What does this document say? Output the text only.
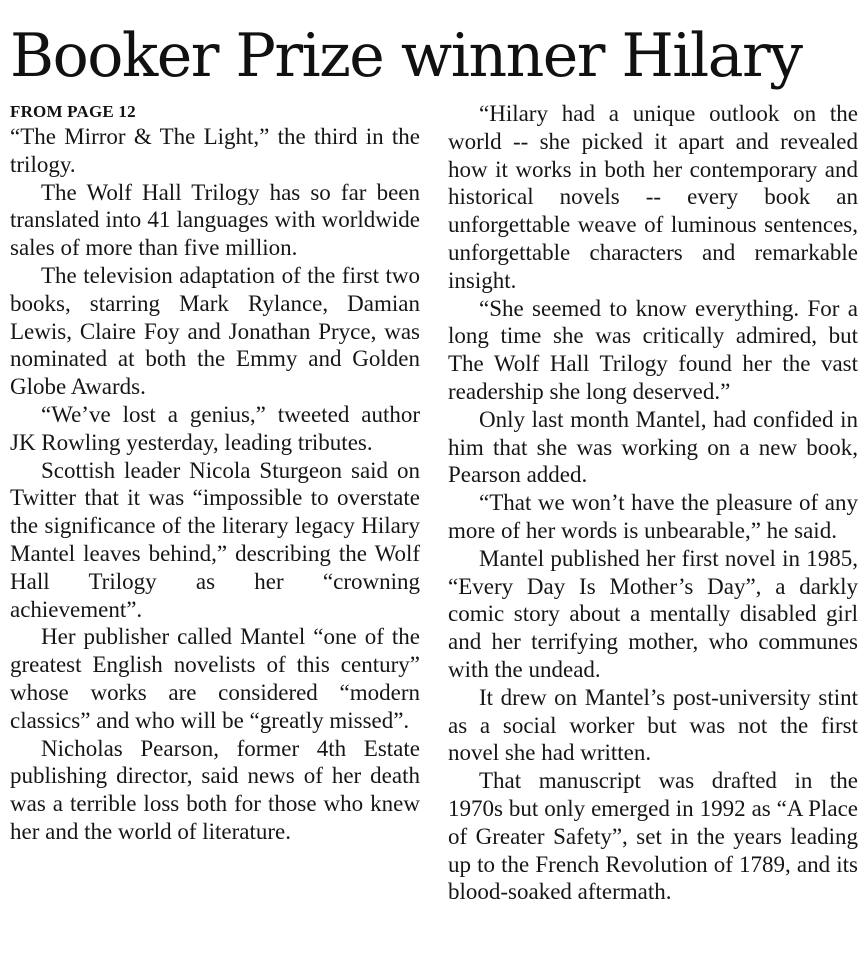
Booker Prize winner Hilary
FROM PAGE 12

“The Mirror & The Light,” the third in the trilogy.

The Wolf Hall Trilogy has so far been translated into 41 languages with worldwide sales of more than five million.

The television adaptation of the first two books, starring Mark Rylance, Damian Lewis, Claire Foy and Jonathan Pryce, was nominated at both the Emmy and Golden Globe Awards.

“We’ve lost a genius,” tweeted author JK Rowling yesterday, leading tributes.

Scottish leader Nicola Sturgeon said on Twitter that it was “impossible to overstate the significance of the literary legacy Hilary Mantel leaves behind,” describing the Wolf Hall Trilogy as her “crowning achievement”.

Her publisher called Mantel “one of the greatest English novelists of this century” whose works are considered “modern classics” and who will be “greatly missed”.

Nicholas Pearson, former 4th Estate publishing director, said news of her death was a terrible loss both for those who knew her and the world of literature.

“Hilary had a unique outlook on the world -- she picked it apart and revealed how it works in both her contemporary and historical novels -- every book an unforgettable weave of luminous sentences, unforgettable characters and remarkable insight.

“She seemed to know everything. For a long time she was critically admired, but The Wolf Hall Trilogy found her the vast readership she long deserved.”

Only last month Mantel, had confided in him that she was working on a new book, Pearson added.

“That we won’t have the pleasure of any more of her words is unbearable,” he said.

Mantel published her first novel in 1985, “Every Day Is Mother’s Day”, a darkly comic story about a mentally disabled girl and her terrifying mother, who communes with the undead.

It drew on Mantel’s post-university stint as a social worker but was not the first novel she had written.

That manuscript was drafted in the 1970s but only emerged in 1992 as “A Place of Greater Safety”, set in the years leading up to the French Revolution of 1789, and its blood-soaked aftermath.
